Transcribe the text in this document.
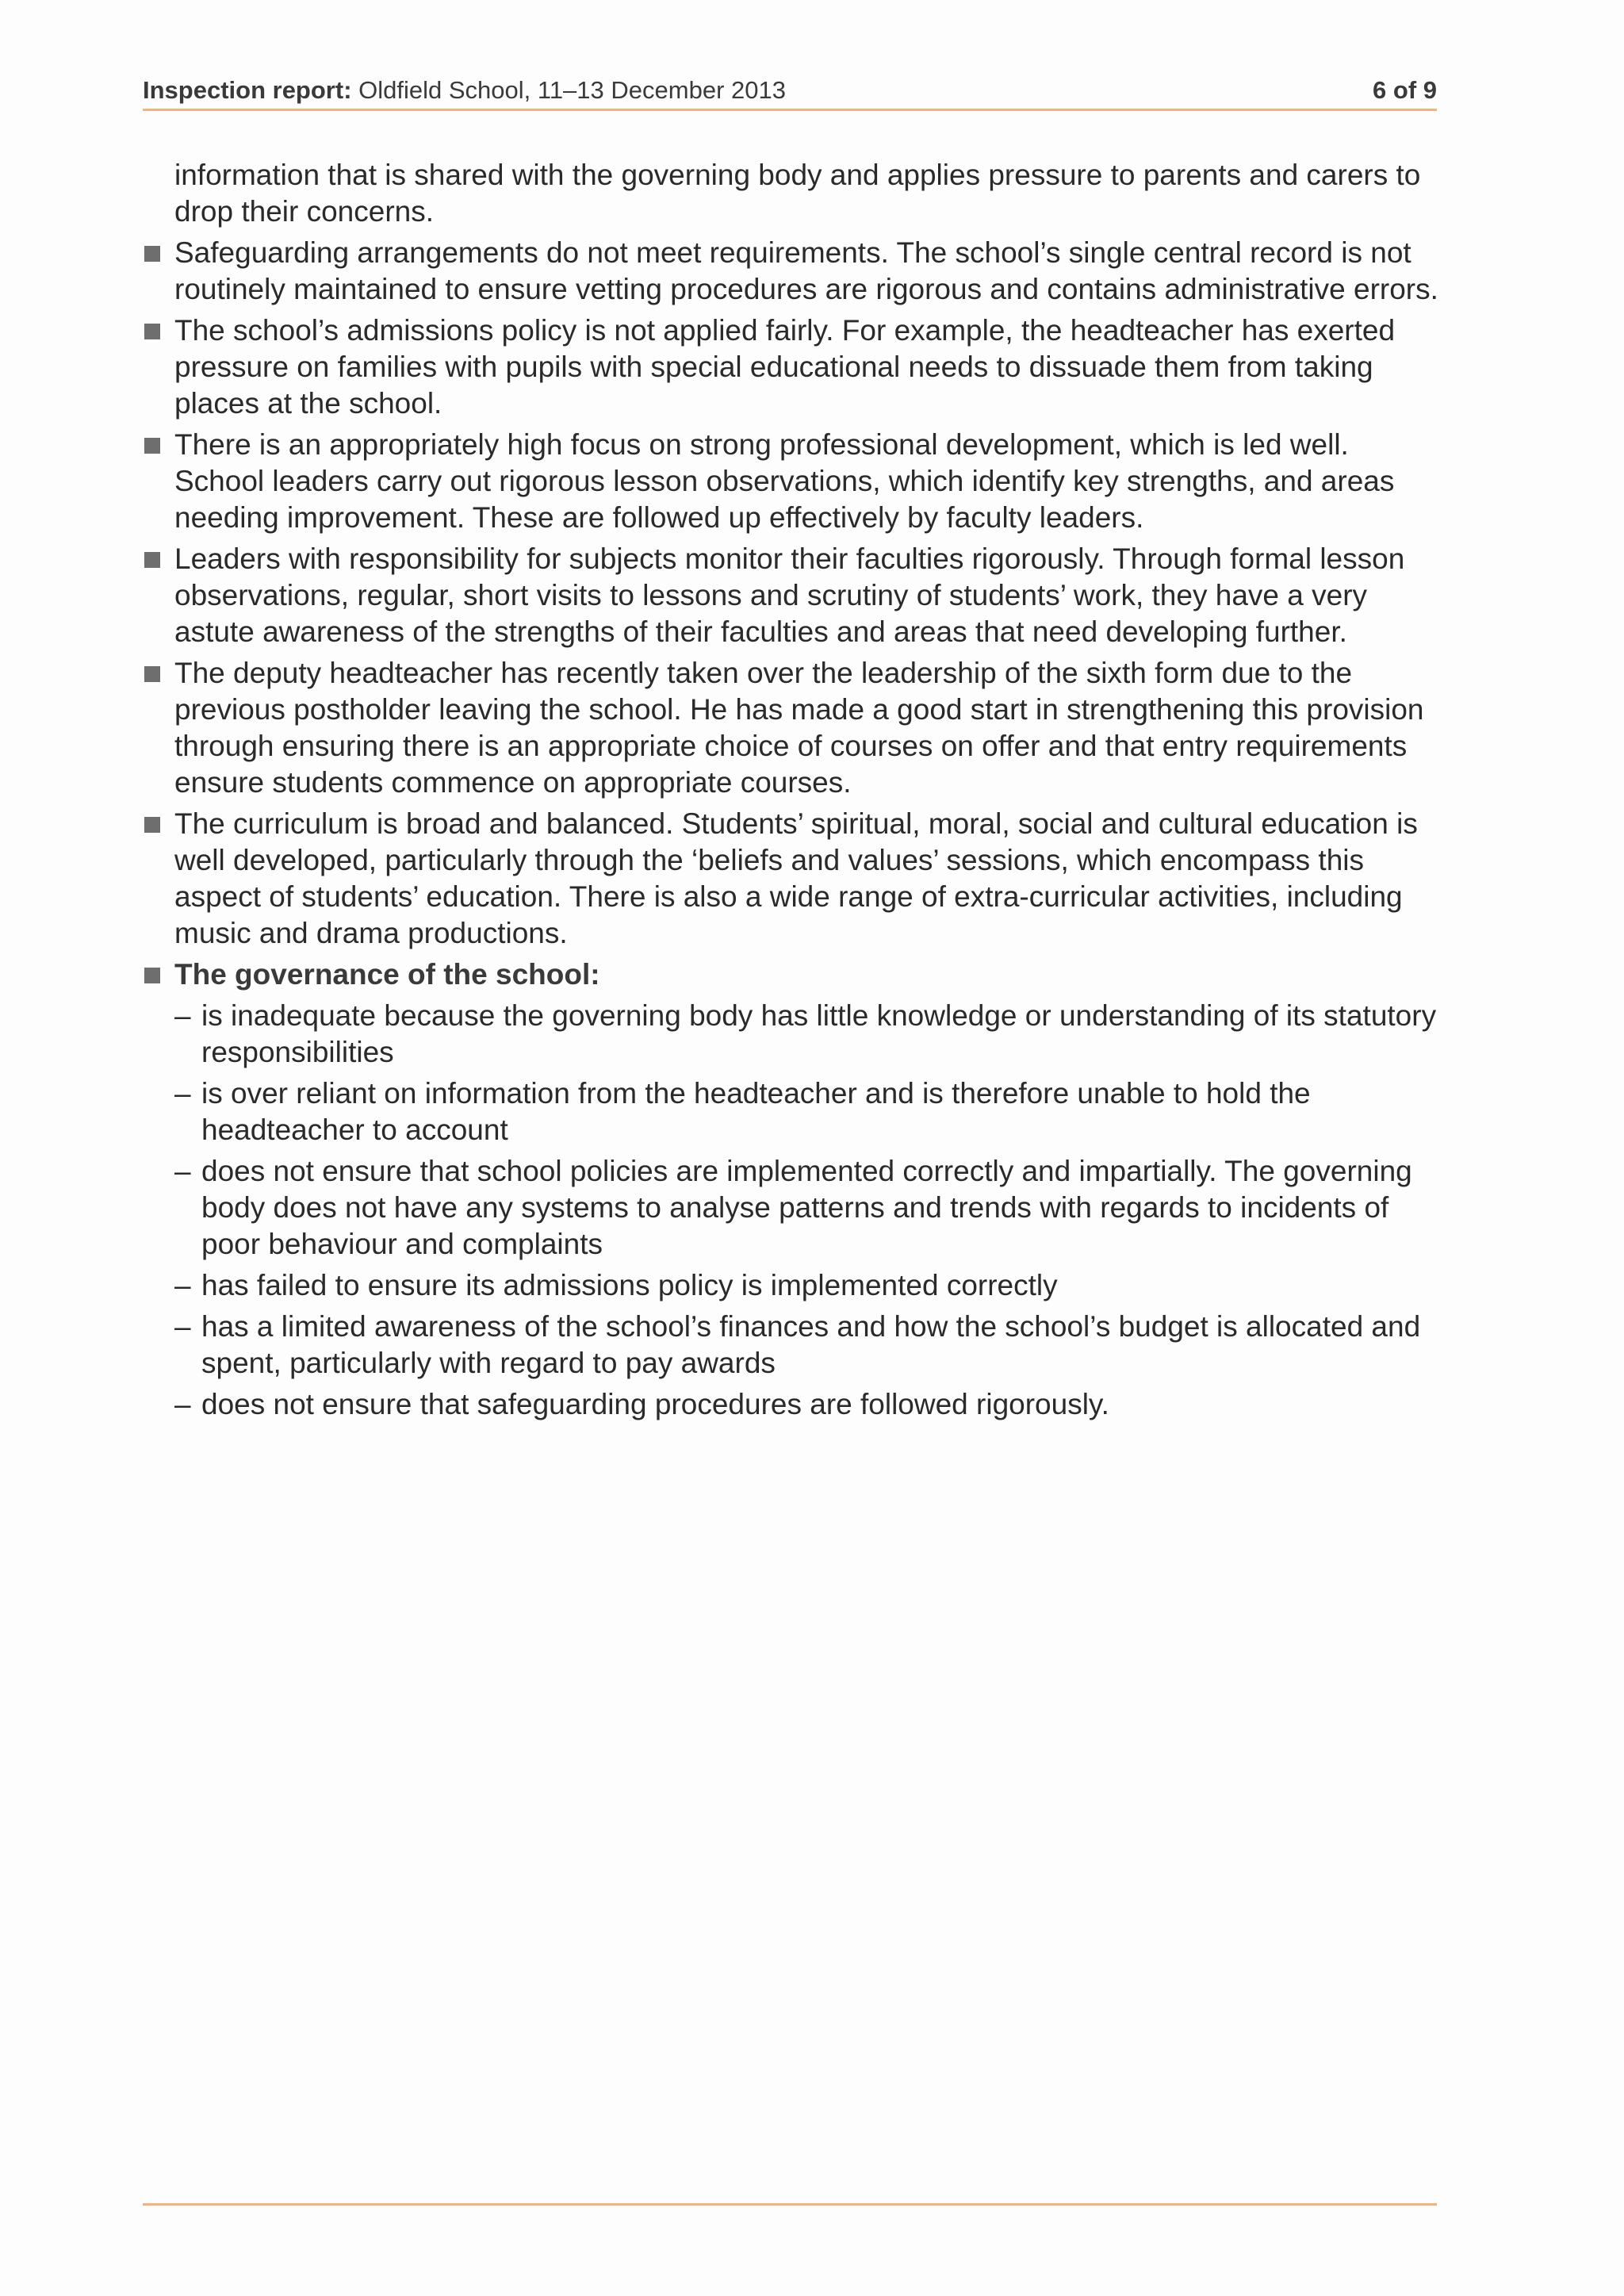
Inspection report: Oldfield School, 11–13 December 2013	6 of 9

information that is shared with the governing body and applies pressure to parents and carers to drop their concerns.

Safeguarding arrangements do not meet requirements. The school’s single central record is not routinely maintained to ensure vetting procedures are rigorous and contains administrative errors.
The school’s admissions policy is not applied fairly. For example, the headteacher has exerted pressure on families with pupils with special educational needs to dissuade them from taking places at the school.
There is an appropriately high focus on strong professional development, which is led well. School leaders carry out rigorous lesson observations, which identify key strengths, and areas needing improvement. These are followed up effectively by faculty leaders.
Leaders with responsibility for subjects monitor their faculties rigorously. Through formal lesson observations, regular, short visits to lessons and scrutiny of students’ work, they have a very astute awareness of the strengths of their faculties and areas that need developing further.
The deputy headteacher has recently taken over the leadership of the sixth form due to the previous postholder leaving the school. He has made a good start in strengthening this provision through ensuring there is an appropriate choice of courses on offer and that entry requirements ensure students commence on appropriate courses.
The curriculum is broad and balanced. Students’ spiritual, moral, social and cultural education is well developed, particularly through the ‘beliefs and values’ sessions, which encompass this aspect of students’ education. There is also a wide range of extra-curricular activities, including music and drama productions.
The governance of the school:
– is inadequate because the governing body has little knowledge or understanding of its statutory responsibilities
– is over reliant on information from the headteacher and is therefore unable to hold the headteacher to account
– does not ensure that school policies are implemented correctly and impartially. The governing body does not have any systems to analyse patterns and trends with regards to incidents of poor behaviour and complaints
– has failed to ensure its admissions policy is implemented correctly
– has a limited awareness of the school’s finances and how the school’s budget is allocated and spent, particularly with regard to pay awards
– does not ensure that safeguarding procedures are followed rigorously.
